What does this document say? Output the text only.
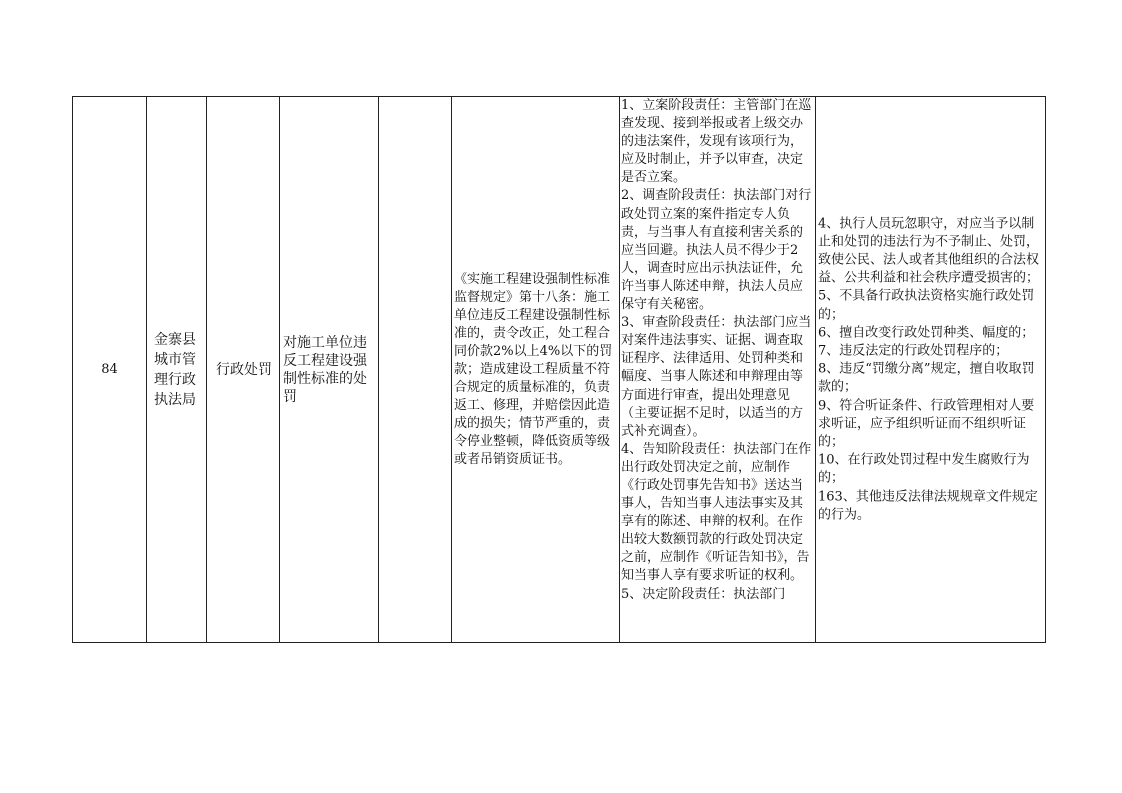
84
金寨县城市管理行政执法局
行政处罚
对施工单位违反工程建设强制性标准的处罚
《实施工程建设强制性标准监督规定》第十八条：施工单位违反工程建设强制性标准的，责令改正，处工程合同价款2%以上4%以下的罚款；造成建设工程质量不符合规定的质量标准的，负责返工、修理，并赔偿因此造成的损失；情节严重的，责令停业整顿，降低资质等级或者吊销资质证书。
1、立案阶段责任：主管部门在巡查发现、接到举报或者上级交办的违法案件，发现有该项行为，应及时制止，并予以审查，决定是否立案。
2、调查阶段责任：执法部门对行政处罚立案的案件指定专人负责，与当事人有直接利害关系的应当回避。执法人员不得少于2人，调查时应出示执法证件，允许当事人陈述申辩，执法人员应保守有关秘密。
3、审查阶段责任：执法部门应当对案件违法事实、证据、调查取证程序、法律适用、处罚种类和幅度、当事人陈述和申辩理由等方面进行审查，提出处理意见（主要证据不足时，以适当的方式补充调查）。
4、告知阶段责任：执法部门在作出行政处罚决定之前，应制作《行政处罚事先告知书》送达当事人，告知当事人违法事实及其享有的陈述、申辩的权利。在作出较大数额罚款的行政处罚决定之前，应制作《听证告知书》，告知当事人享有要求听证的权利。
5、决定阶段责任：执法部门
4、执行人员玩忽职守，对应当予以制止和处罚的违法行为不予制止、处罚，致使公民、法人或者其他组织的合法权益、公共利益和社会秩序遭受损害的；
5、不具备行政执法资格实施行政处罚的；
6、擅自改变行政处罚种类、幅度的；
7、违反法定的行政处罚程序的；
8、违反“罚缴分离”规定，擅自收取罚款的；
9、符合听证条件、行政管理相对人要求听证，应予组织听证而不组织听证的；
10、在行政处罚过程中发生腐败行为的；
163、其他违反法律法规规章文件规定的行为。
